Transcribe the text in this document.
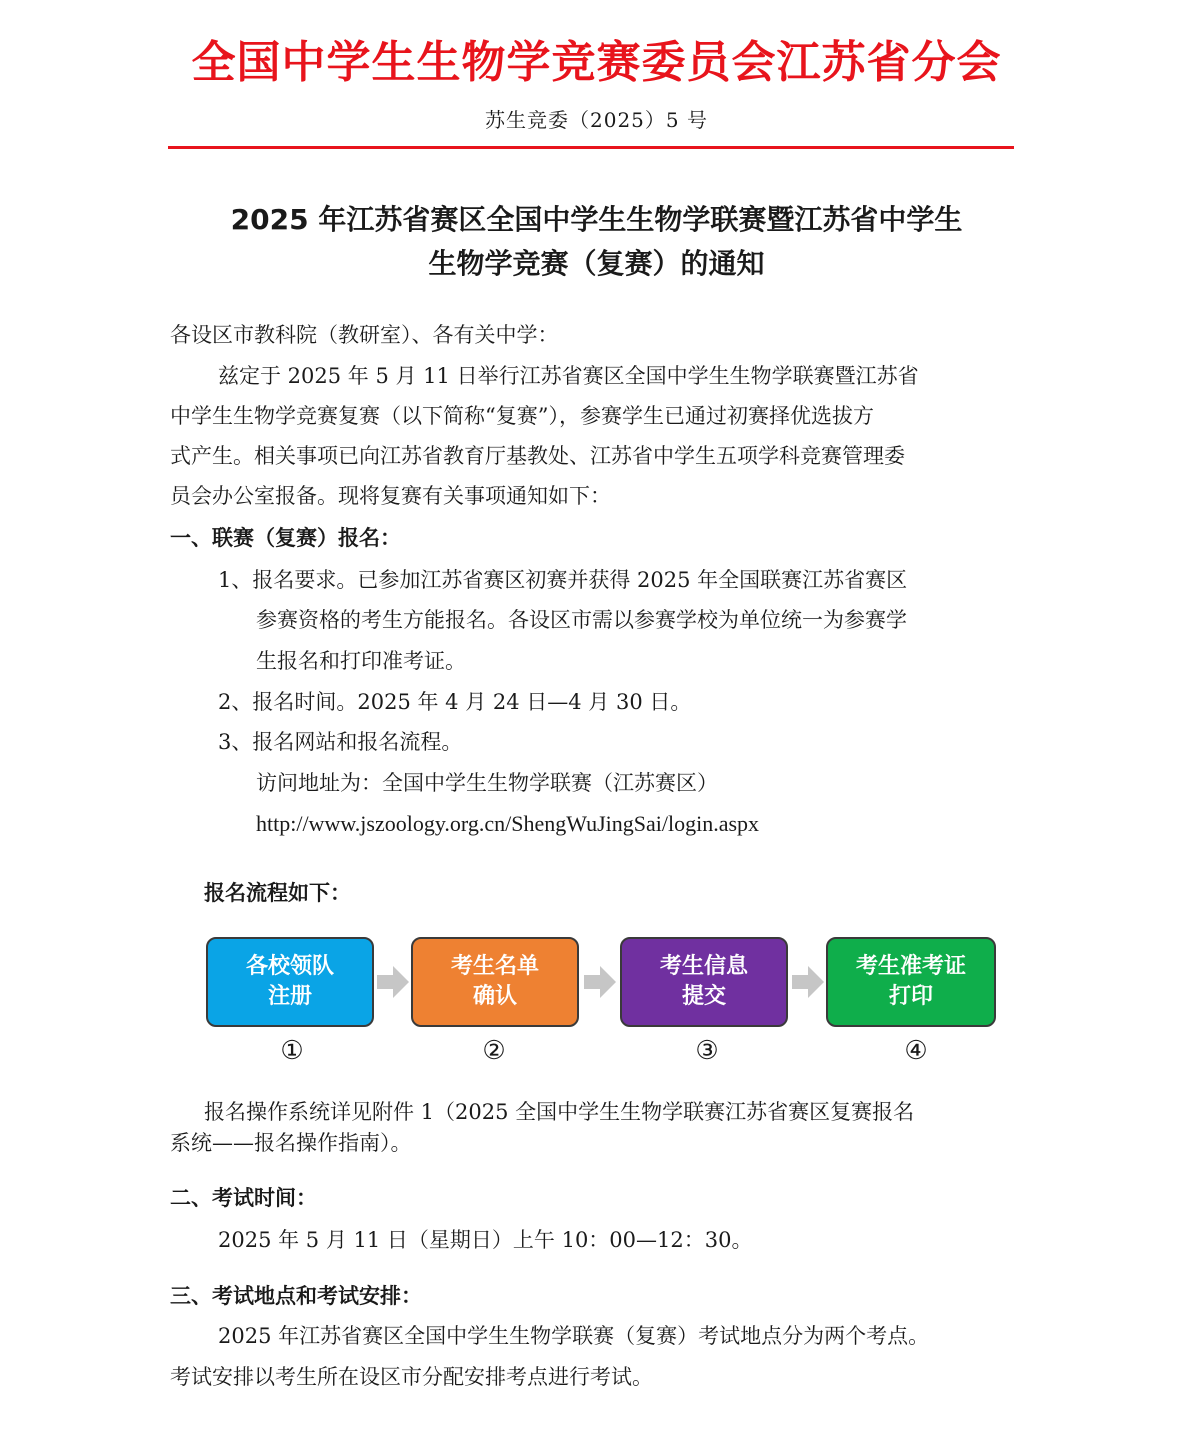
全国中学生生物学竞赛委员会江苏省分会
苏生竞委（2025）5 号
2025 年江苏省赛区全国中学生生物学联赛暨江苏省中学生
生物学竞赛（复赛）的通知
各设区市教科院（教研室）、各有关中学：
兹定于 2025 年 5 月 11 日举行江苏省赛区全国中学生生物学联赛暨江苏省
中学生生物学竞赛复赛（以下简称“复赛”），参赛学生已通过初赛择优选拔方
式产生。相关事项已向江苏省教育厅基教处、江苏省中学生五项学科竞赛管理委
员会办公室报备。现将复赛有关事项通知如下：
一、联赛（复赛）报名：
1、报名要求。已参加江苏省赛区初赛并获得 2025 年全国联赛江苏省赛区
参赛资格的考生方能报名。各设区市需以参赛学校为单位统一为参赛学
生报名和打印准考证。
2、报名时间。2025 年 4 月 24 日—4 月 30 日。
3、报名网站和报名流程。
访问地址为：全国中学生生物学联赛（江苏赛区）
http://www.jszoology.org.cn/ShengWuJingSai/login.aspx
报名流程如下：
各校领队
注册
考生名单
确认
考生信息
提交
考生准考证
打印
①	②	③	④
报名操作系统详见附件 1（2025 全国中学生生物学联赛江苏省赛区复赛报名
系统——报名操作指南）。
二、考试时间：
2025 年 5 月 11 日（星期日）上午 10：00—12：30。
三、考试地点和考试安排：
2025 年江苏省赛区全国中学生生物学联赛（复赛）考试地点分为两个考点。
考试安排以考生所在设区市分配安排考点进行考试。
